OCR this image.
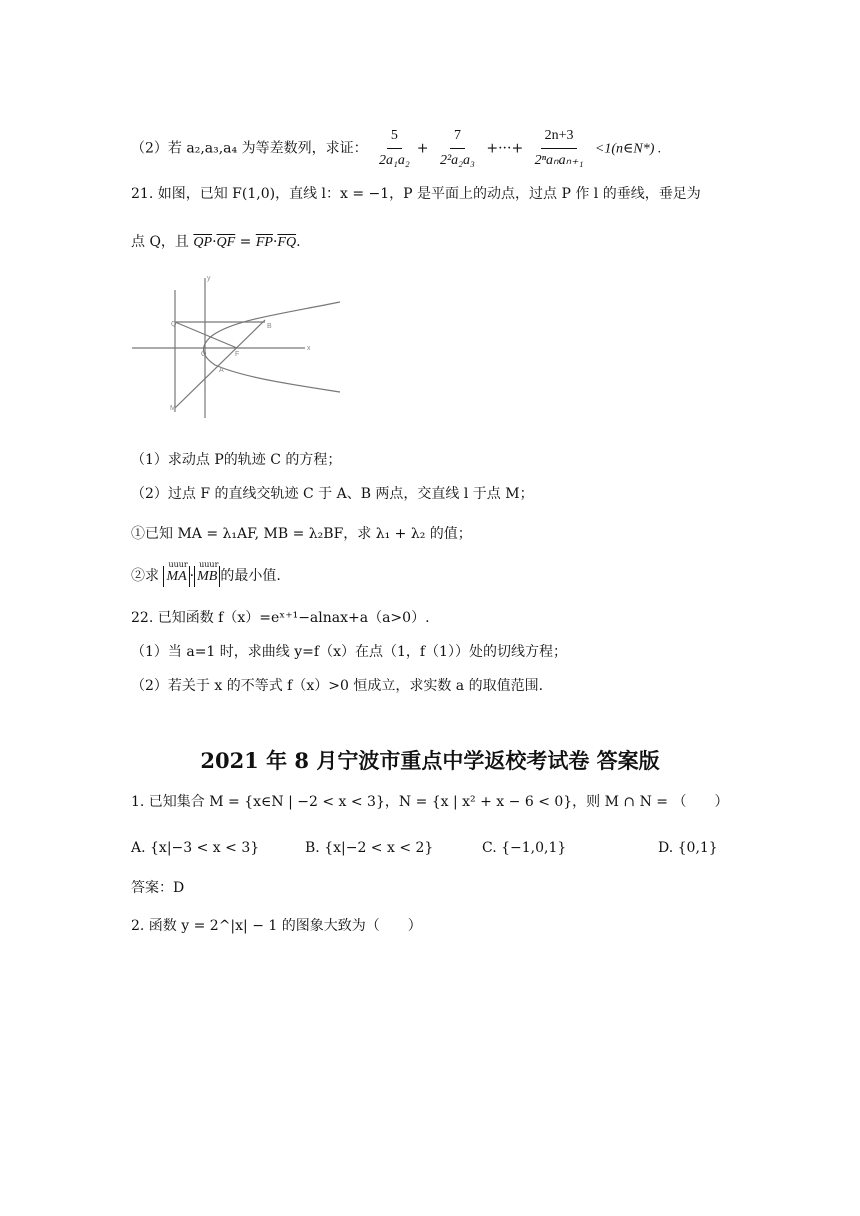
（2）若 a₂,a₃,a₄ 为等差数列，求证： $\frac{5}{\text{2a₁a₂}} + \frac{7}{\text{2²a₂a₃}}$ +···+ $\frac{2n+3}{\text{2ⁿaₙaₙ₊₁}}$ <1(n∈N*) .
21. 如图，已知 F(1,0)，直线 l：x = −1，P 是平面上的动点，过点 P 作 l 的垂线，垂足为
点 Q，且 $\overline{QP}\cdot\overline{QF} = \overline{FP}\cdot\overline{FQ}$.
y
x
Q	B
O	F
A
M
（1）求动点 P的轨迹 C 的方程；
（2）过点 F 的直线交轨迹 C 于 A、B 两点，交直线 l 于点 M；
①已知 MA = λ₁AF, MB = λ₂BF，求 λ₁ + λ₂ 的值；
②求
uuur
MA ·
uuur
MB 的最小值.
22. 已知函数 f（x）=eˣ⁺¹−alnax+a（a>0）.
（1）当 a=1 时，求曲线 y=f（x）在点（1，f（1））处的切线方程；
（2）若关于 x 的不等式 f（x）>0 恒成立，求实数 a 的取值范围.
2021 年 8 月宁波市重点中学返校考试卷 答案版
1. 已知集合 M = {x∈N | −2 < x < 3}，N = {x | x² + x − 6 < 0}，则 M ∩ N = （　　）
A. {x|−3 < x < 3}	B. {x|−2 < x < 2}	C. {−1,0,1}	D. {0,1}
答案：D
2. 函数 y = 2^|x| − 1 的图象大致为（　　）
